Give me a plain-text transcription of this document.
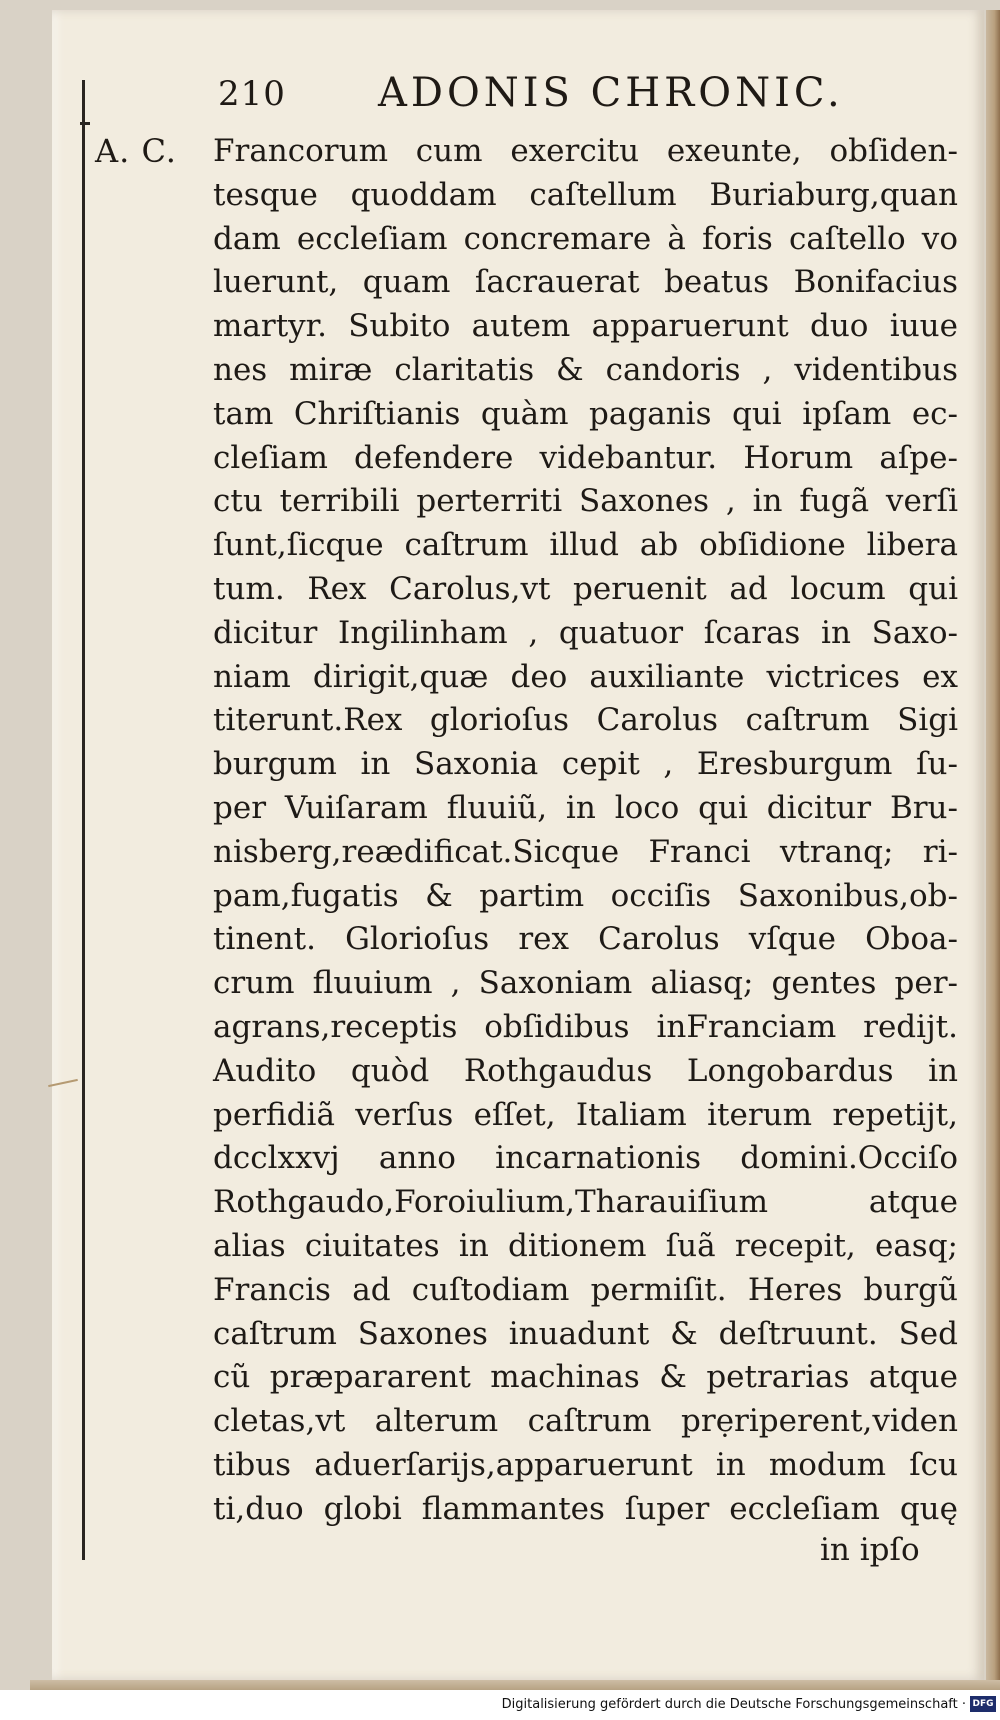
210 ADONIS CHRONIC.
A. C. Francorum cum exercitu exeunte, obſiden-
tesque quoddam caſtellum Buriaburg,quan
dam eccleſiam concremare à foris caſtello vo
luerunt, quam ſacrauerat beatus Bonifacius
martyr. Subito autem apparuerunt duo iuue
nes miræ claritatis & candoris , videntibus
tam Chriſtianis quàm paganis qui ipſam ec-
cleſiam defendere videbantur. Horum aſpe-
ctu terribili perterriti Saxones , in fugã verſi
ſunt,ſicque caſtrum illud ab obſidione libera
tum. Rex Carolus,vt peruenit ad locum qui
dicitur Ingilinham , quatuor ſcaras in Saxo-
niam dirigit,quæ deo auxiliante victrices ex
titerunt.Rex glorioſus Carolus caſtrum Sigi
burgum in Saxonia cepit , Eresburgum ſu-
per Vuiſaram fluuiũ, in loco qui dicitur Bru-
nisberg,reædificat.Sicque Franci vtranq; ri-
pam,fugatis & partim occiſis Saxonibus,ob-
tinent. Glorioſus rex Carolus vſque Oboa-
crum fluuium , Saxoniam aliasq; gentes per-
agrans,receptis obſidibus inFranciam redijt.
Audito quòd Rothgaudus Longobardus in
perfidiã verſus eſſet, Italiam iterum repetijt,
dcclxxvj anno incarnationis domini.Occiſo
Rothgaudo,Foroiulium,Tharauiſium atque
alias ciuitates in ditionem ſuã recepit, easq;
Francis ad cuſtodiam permiſit. Heres burgũ
caſtrum Saxones inuadunt & deſtruunt. Sed
cũ præpararent machinas & petrarias atque
cletas,vt alterum caſtrum prẹriperent,viden
tibus aduerſarijs,apparuerunt in modum ſcu
ti,duo globi flammantes ſuper eccleſiam quę
in ipſo
Digitalisierung gefördert durch die Deutsche Forschungsgemeinschaft · DFG
